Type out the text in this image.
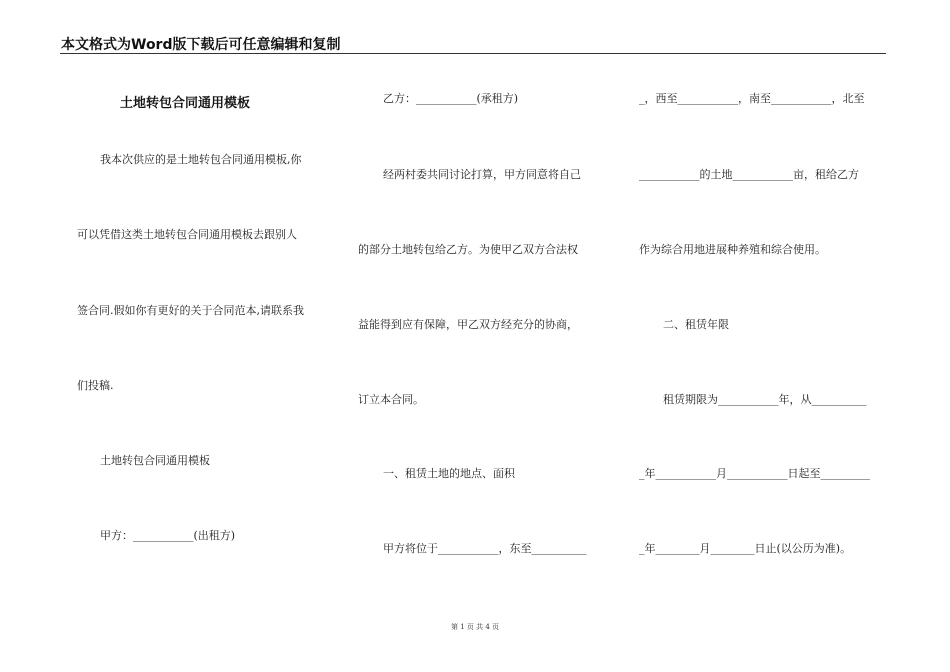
本文格式为Word版下载后可任意编辑和复制
土地转包合同通用模板
我本次供应的是土地转包合同通用模板,你
可以凭借这类土地转包合同通用模板去跟别人
签合同.假如你有更好的关于合同范本,请联系我
们投稿.
土地转包合同通用模板
甲方：___________(出租方)
乙方：___________(承租方)
经两村委共同讨论打算，甲方同意将自己
的部分土地转包给乙方。为使甲乙双方合法权
益能得到应有保障，甲乙双方经充分的协商，
订立本合同。
一、租赁土地的地点、面积
甲方将位于___________，东至__________
_，西至___________，南至___________，北至
___________的土地___________亩，租给乙方
作为综合用地进展种养殖和综合使用。
二、租赁年限
租赁期限为___________年，从__________
_年___________月___________日起至_________
_年________月________日止(以公历为准)。
第 1 页 共 4 页
